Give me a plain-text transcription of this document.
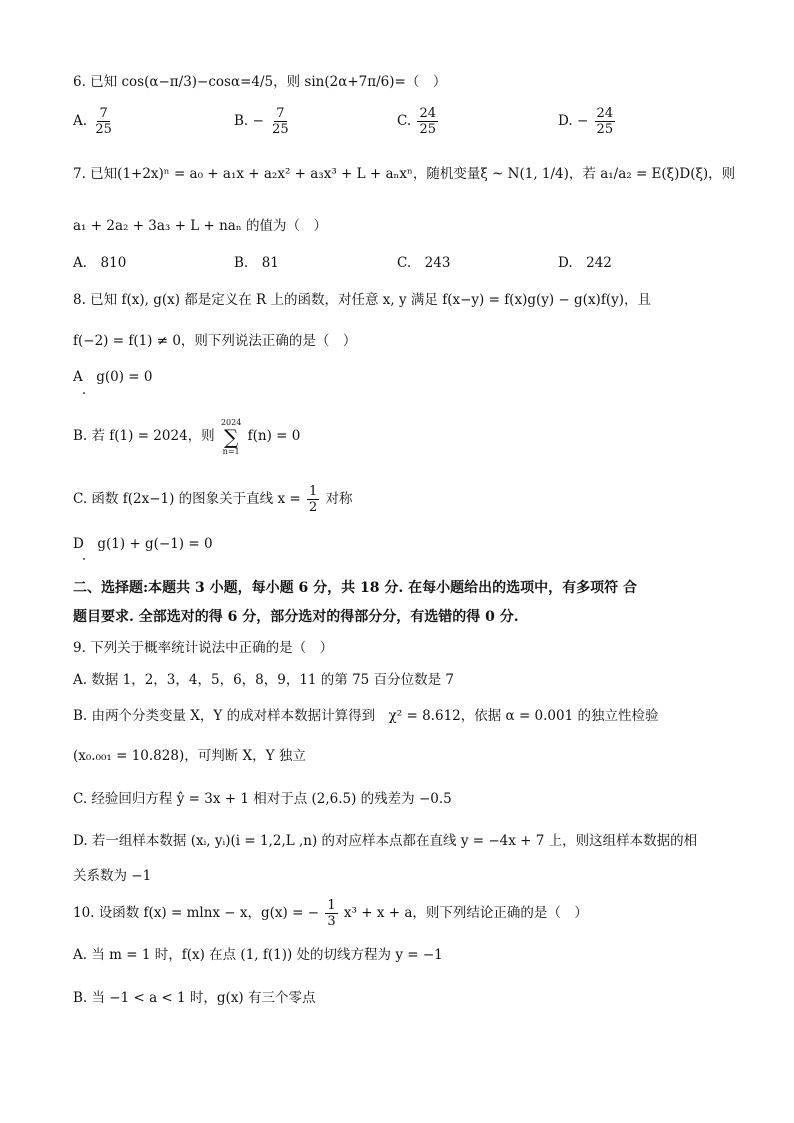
6. 已知 cos(α−π/3)−cosα=4/5，则 sin(2α+7π/6)=（　）
A. $\frac{7}{25}$	B. − $\frac{7}{25}$	C. $\frac{24}{25}$	D. − $\frac{24}{25}$
7. 已知(1+2x)ⁿ = a₀ + a₁x + a₂x² + a₃x³ + L + aₙxⁿ，随机变量ξ ~ N(1, 1/4)，若 a₁/a₂ = E(ξ)D(ξ)，则
a₁ + 2a₂ + 3a₃ + L + naₙ 的值为（　）
A.　810	B.　81	C.　243	D.　242
8. 已知 f(x), g(x) 都是定义在 R 上的函数，对任意 x, y 满足 f(x−y) = f(x)g(y) − g(x)f(y)，且
f(−2) = f(1) ≠ 0，则下列说法正确的是（　）
A　g(0) = 0
B. 若 f(1) = 2024，则
2024
∑
n=1
f(n) = 0
C. 函数 f(2x−1) 的图象关于直线 $x = \frac{1}{2}$ 对称
D　g(1) + g(−1) = 0
二、选择题:本题共 3 小题，每小题 6 分，共 18 分. 在每小题给出的选项中，有多项符 合
题目要求. 全部选对的得 6 分，部分选对的得部分分，有选错的得 0 分.
9. 下列关于概率统计说法中正确的是（　）
A. 数据 1，2，3，4，5，6，8，9，11 的第 75 百分位数是 7
B. 由两个分类变量 X，Y 的成对样本数据计算得到　χ² = 8.612，依据 α = 0.001 的独立性检验
(x₀.₀₀₁ = 10.828)，可判断 X，Y 独立
C. 经验回归方程 ŷ = 3x + 1 相对于点 (2,6.5) 的残差为 −0.5
D. 若一组样本数据 (xᵢ, yᵢ)(i = 1,2,L ,n) 的对应样本点都在直线 y = −4x + 7 上，则这组样本数据的相
关系数为 −1
10. 设函数 f(x) = mlnx − x，g(x) = − $\frac{1}{3} x^3 + x + a$，则下列结论正确的是（　）
A. 当 m = 1 时，f(x) 在点 (1, f(1)) 处的切线方程为 y = −1
B. 当 −1 < a < 1 时，g(x) 有三个零点
